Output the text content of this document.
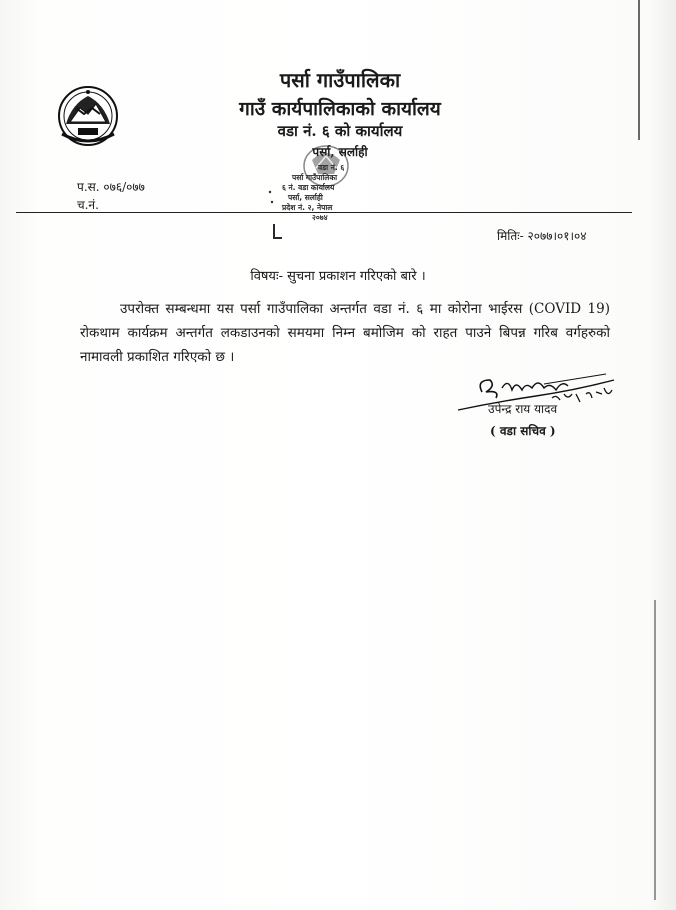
पर्सा गाउँपालिका
गाउँ कार्यपालिकाको कार्यालय
वडा नं. ६ को कार्यालय
पर्सा, सर्लाही
प.स. ०७६/०७७
च.नं.
वडा नं. ६
पर्सा गाउँपालिका
६ नं. वडा कार्यालय
पर्सा, सर्लाही
प्रदेश नं. २, नेपाल
२०७४
मितिः- २०७७।०१।०४
विषयः- सुचना प्रकाशन गरिएको बारे ।
उपरोक्त सम्बन्धमा यस पर्सा गाउँपालिका अन्तर्गत वडा नं. ६ मा कोरोना भाईरस (COVID 19) रोकथाम कार्यक्रम अन्तर्गत लकडाउनको समयमा निम्न बमोजिम को राहत पाउने बिपन्न गरिब वर्गहरुको नामावली प्रकाशित गरिएको छ ।
उपेन्द्र राय यादव
( वडा सचिव )
